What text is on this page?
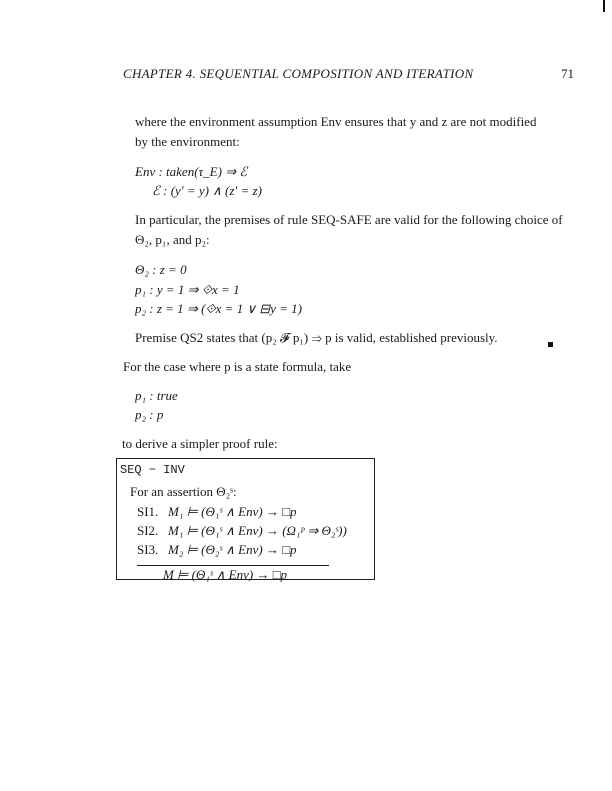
CHAPTER 4. SEQUENTIAL COMPOSITION AND ITERATION	71
where the environment assumption Env ensures that y and z are not modified
by the environment:
Env : taken(τ_E) ⇒ ℰ
ℰ : (y′ = y) ∧ (z′ = z)
In particular, the premises of rule SEQ-SAFE are valid for the following choice of
Θ₂, p₁, and p₂:
Θ₂ : z = 0
p₁ : y = 1 ⇒ ⟐x = 1
p₂ : z = 1 ⇒ (⟐x = 1 ∨ ⊟y = 1)
Premise QS2 states that (p₂ 𝓕 p₁) ⇒ p is valid, established previously.
For the case where p is a state formula, take
p₁ : true
p₂ : p
to derive a simpler proof rule:
SEQ − INV
For an assertion Θ₂ˢ:
SI1. M₁ ⊨ (Θ₁ˢ ∧ Env) → □p
SI2. M₁ ⊨ (Θ₁ˢ ∧ Env) → (Ω₁ᵖ ⇒ Θ₂ˢ))
SI3. M₂ ⊨ (Θ₂ˢ ∧ Env) → □p
M ⊨ (Θ₁ˢ ∧ Env) → □p
